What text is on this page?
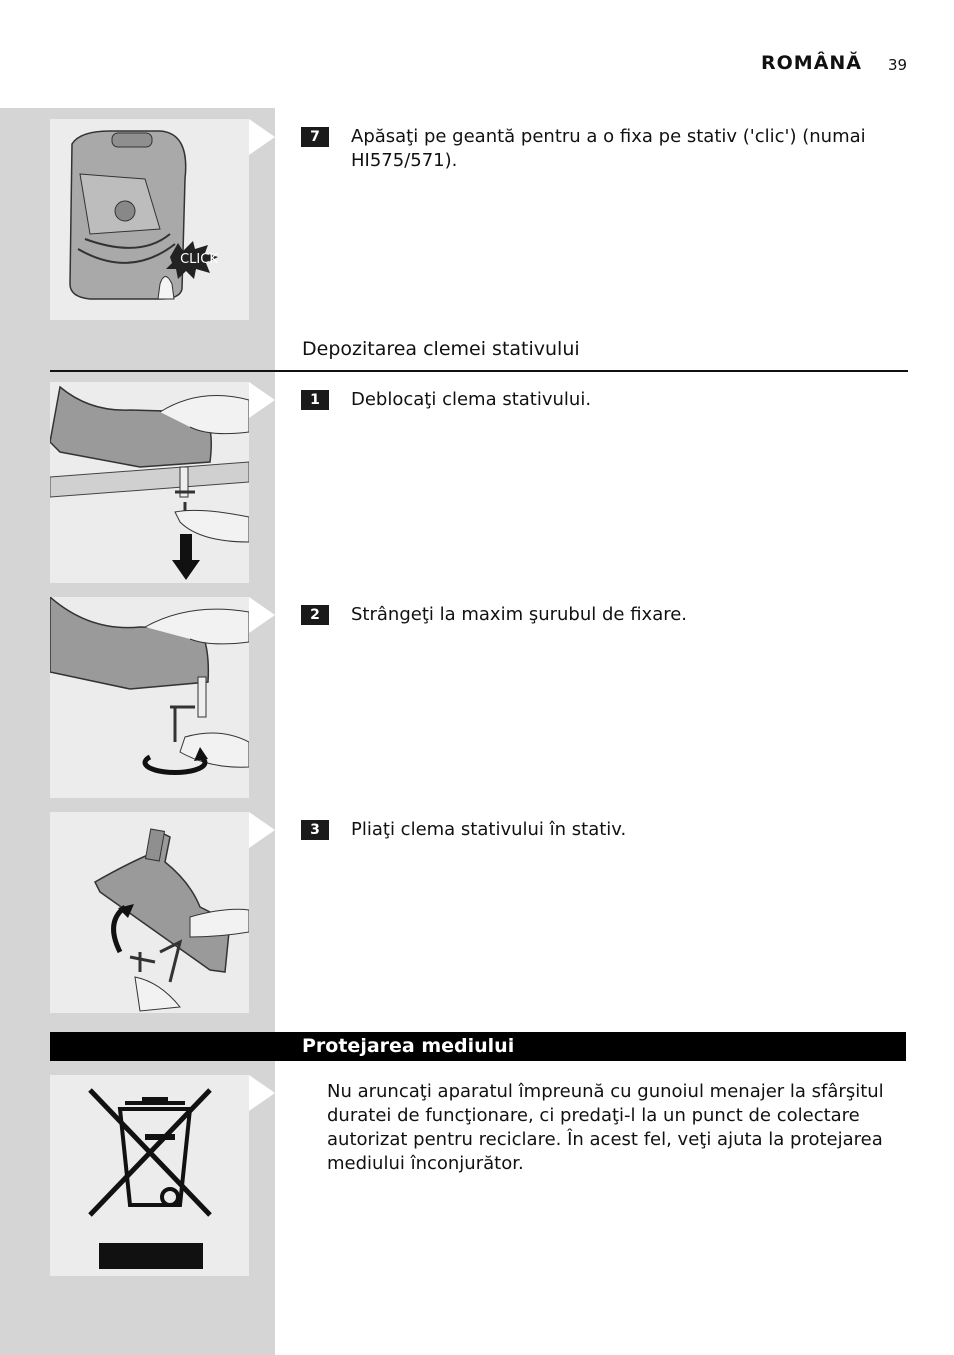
ROMÂNĂ 39
CLICK
7	Apăsaţi pe geantă pentru a o fixa pe stativ ('clic') (numai HI575/571).
Depozitarea clemei stativului
1	Deblocaţi clema stativului.
2	Strângeţi la maxim şurubul de fixare.
3	Pliaţi clema stativului în stativ.
Protejarea mediului
Nu aruncaţi aparatul împreună cu gunoiul menajer la sfârşitul duratei de funcţionare, ci predaţi-l la un punct de colectare autorizat pentru reciclare. În acest fel, veţi ajuta la protejarea mediului înconjurător.
